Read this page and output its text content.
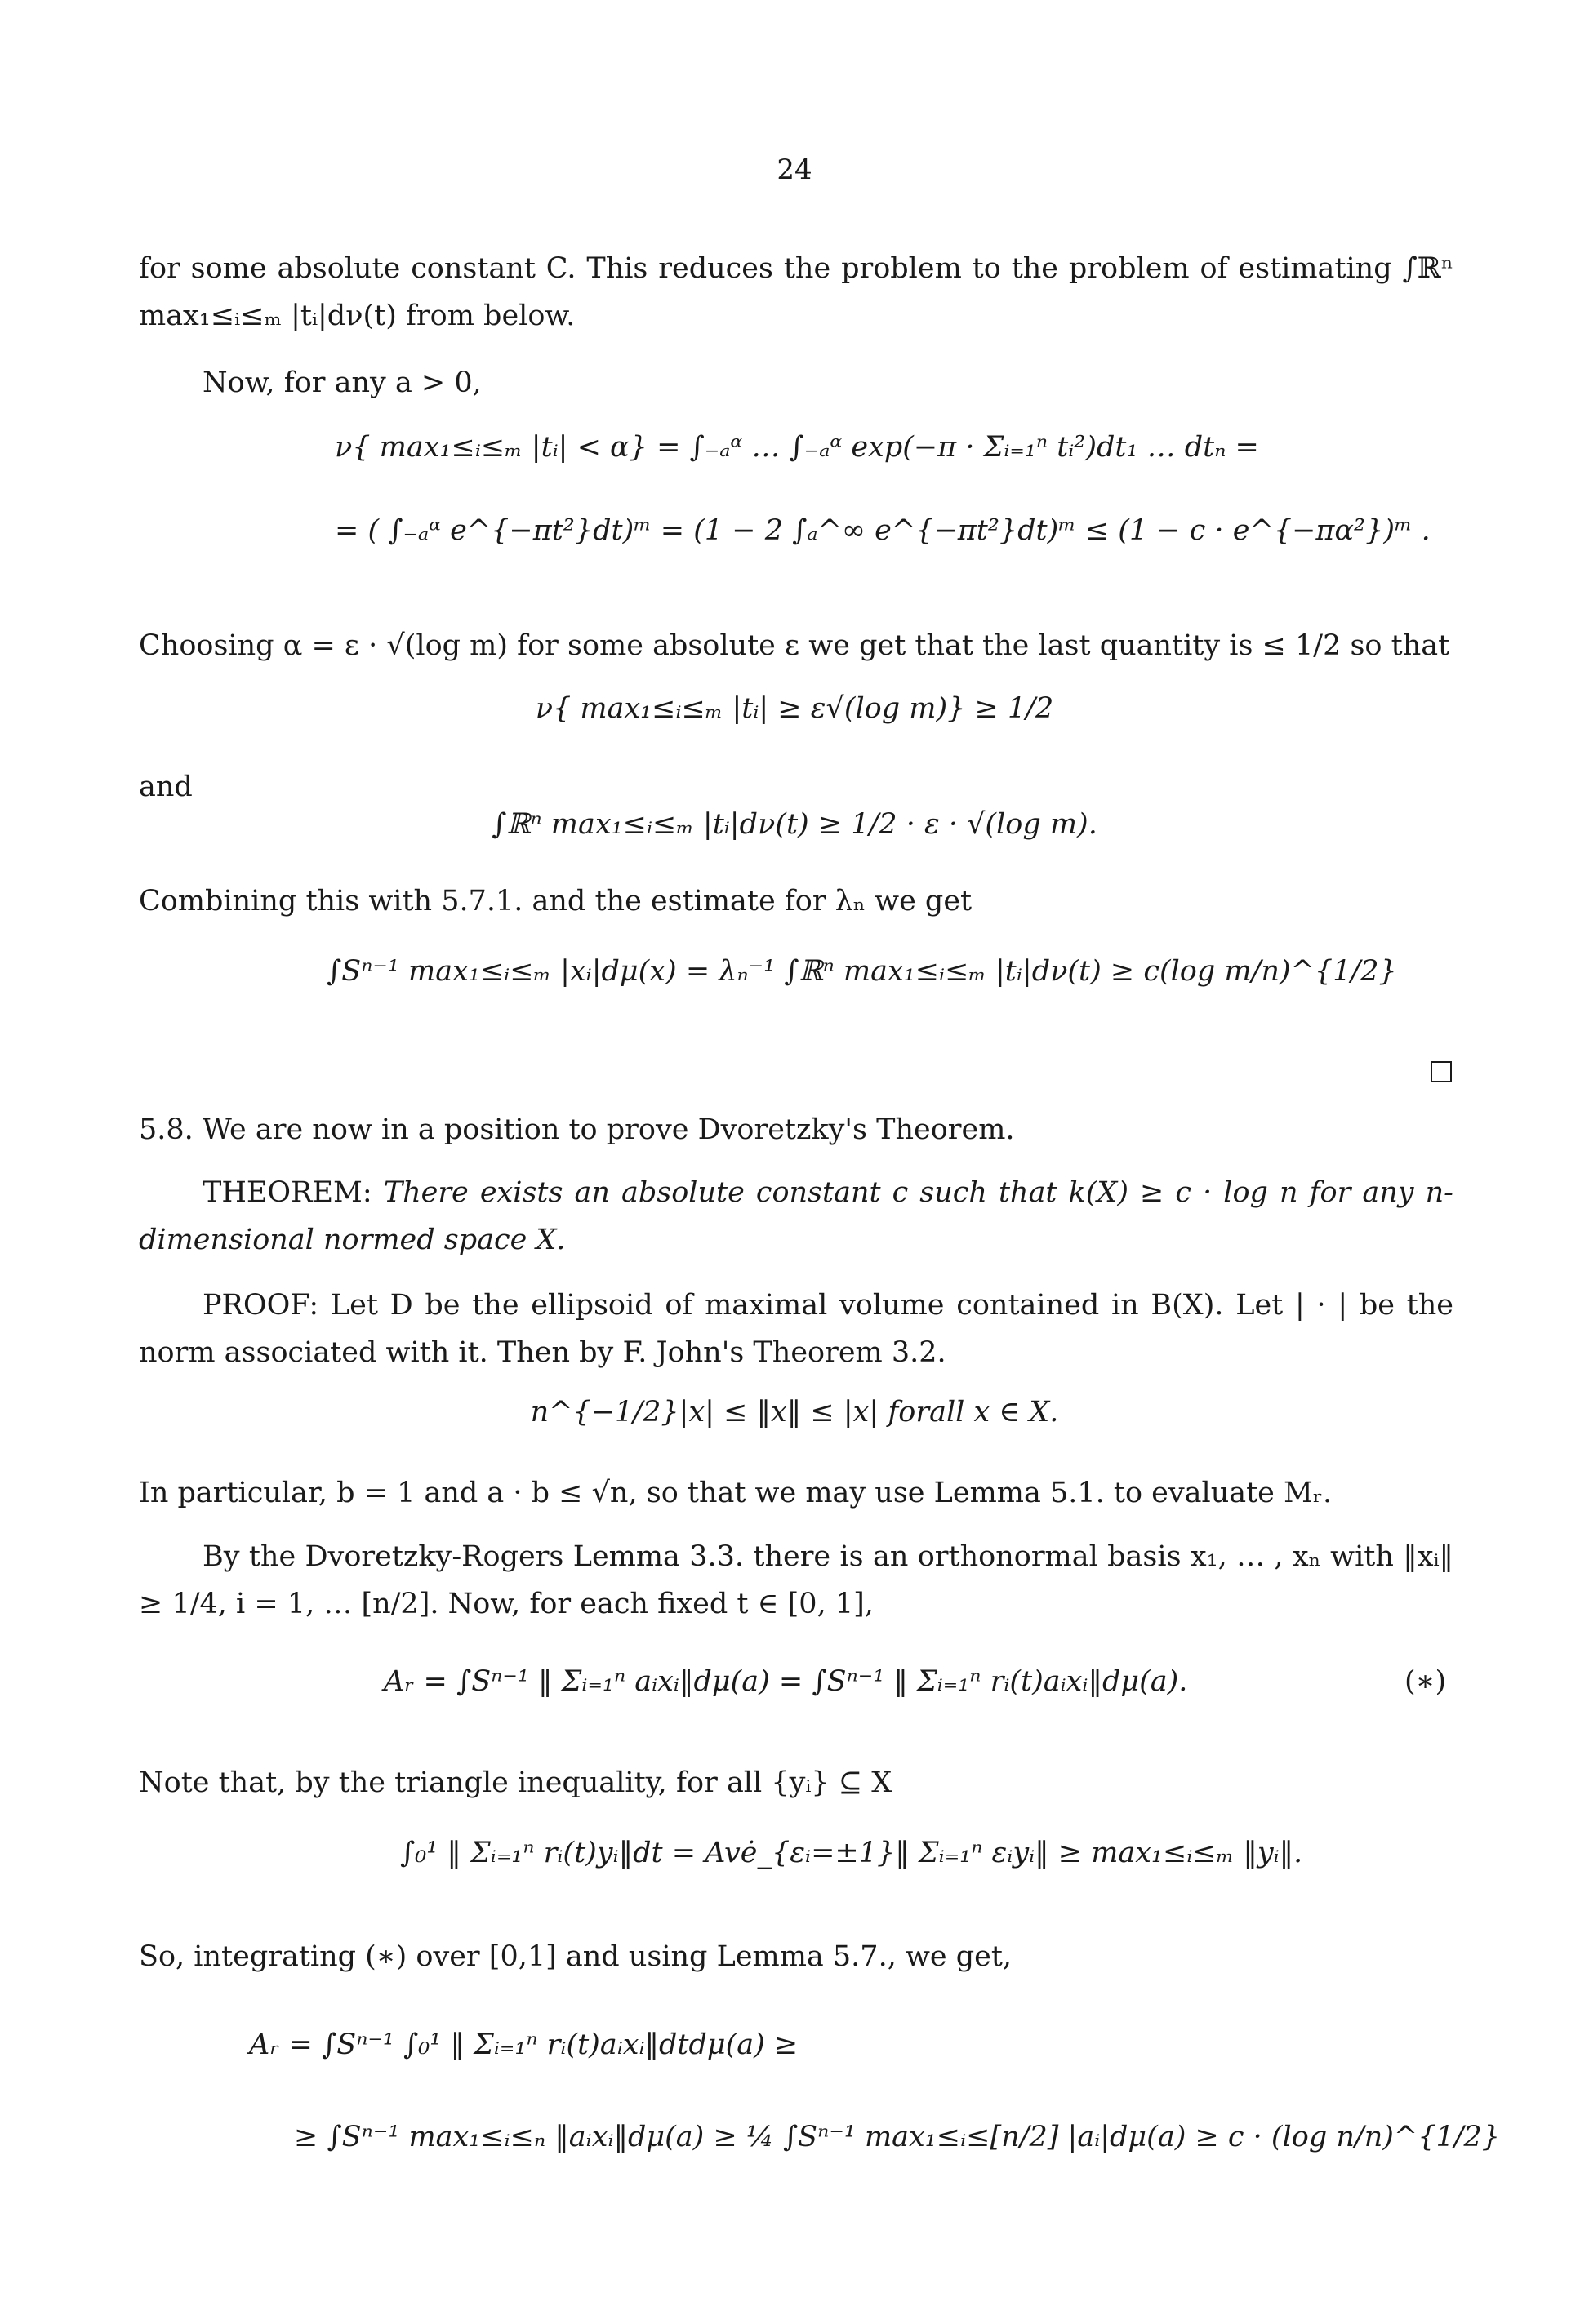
24
for some absolute constant C. This reduces the problem to the problem of estimating ∫ℝⁿ max₁≤ᵢ≤ₘ |tᵢ|dν(t) from below.
Now, for any a > 0,
ν{ max₁≤ᵢ≤ₘ |tᵢ| < α} = ∫₋ₐᵅ … ∫₋ₐᵅ exp(−π · Σᵢ₌₁ⁿ tᵢ²)dt₁ … dtₙ =
= ( ∫₋ₐᵅ e^{−πt²}dt)ᵐ = (1 − 2 ∫ₐ^∞ e^{−πt²}dt)ᵐ ≤ (1 − c · e^{−πα²})ᵐ .
Choosing α = ε · √(log m) for some absolute ε we get that the last quantity is ≤ 1/2 so that
ν{ max₁≤ᵢ≤ₘ |tᵢ| ≥ ε√(log m)} ≥ 1/2
and
∫ℝⁿ max₁≤ᵢ≤ₘ |tᵢ|dν(t) ≥ 1/2 · ε · √(log m).
Combining this with 5.7.1. and the estimate for λₙ we get
∫Sⁿ⁻¹ max₁≤ᵢ≤ₘ |xᵢ|dμ(x) = λₙ⁻¹ ∫ℝⁿ max₁≤ᵢ≤ₘ |tᵢ|dν(t) ≥ c(log m/n)^{1/2}
5.8. We are now in a position to prove Dvoretzky's Theorem.
THEOREM: There exists an absolute constant c such that k(X) ≥ c · log n for any n-dimensional normed space X.
PROOF: Let D be the ellipsoid of maximal volume contained in B(X). Let | · | be the norm associated with it. Then by F. John's Theorem 3.2.
n^{−1/2}|x| ≤ ‖x‖ ≤ |x| forall x ∈ X.
In particular, b = 1 and a · b ≤ √n, so that we may use Lemma 5.1. to evaluate Mᵣ.
By the Dvoretzky-Rogers Lemma 3.3. there is an orthonormal basis x₁, … , xₙ with ‖xᵢ‖ ≥ 1/4, i = 1, … [n/2]. Now, for each fixed t ∈ [0, 1],
Aᵣ = ∫Sⁿ⁻¹ ‖ Σᵢ₌₁ⁿ aᵢxᵢ‖dμ(a) = ∫Sⁿ⁻¹ ‖ Σᵢ₌₁ⁿ rᵢ(t)aᵢxᵢ‖dμ(a).	(∗)
Note that, by the triangle inequality, for all {yᵢ} ⊆ X
∫₀¹ ‖ Σᵢ₌₁ⁿ rᵢ(t)yᵢ‖dt = Avė_{εᵢ=±1}‖ Σᵢ₌₁ⁿ εᵢyᵢ‖ ≥ max₁≤ᵢ≤ₘ ‖yᵢ‖.
So, integrating (∗) over [0,1] and using Lemma 5.7., we get,
Aᵣ = ∫Sⁿ⁻¹ ∫₀¹ ‖ Σᵢ₌₁ⁿ rᵢ(t)aᵢxᵢ‖dtdμ(a) ≥
≥ ∫Sⁿ⁻¹ max₁≤ᵢ≤ₙ ‖aᵢxᵢ‖dμ(a) ≥ ¼ ∫Sⁿ⁻¹ max₁≤ᵢ≤[n/2] |aᵢ|dμ(a) ≥ c · (log n/n)^{1/2}
